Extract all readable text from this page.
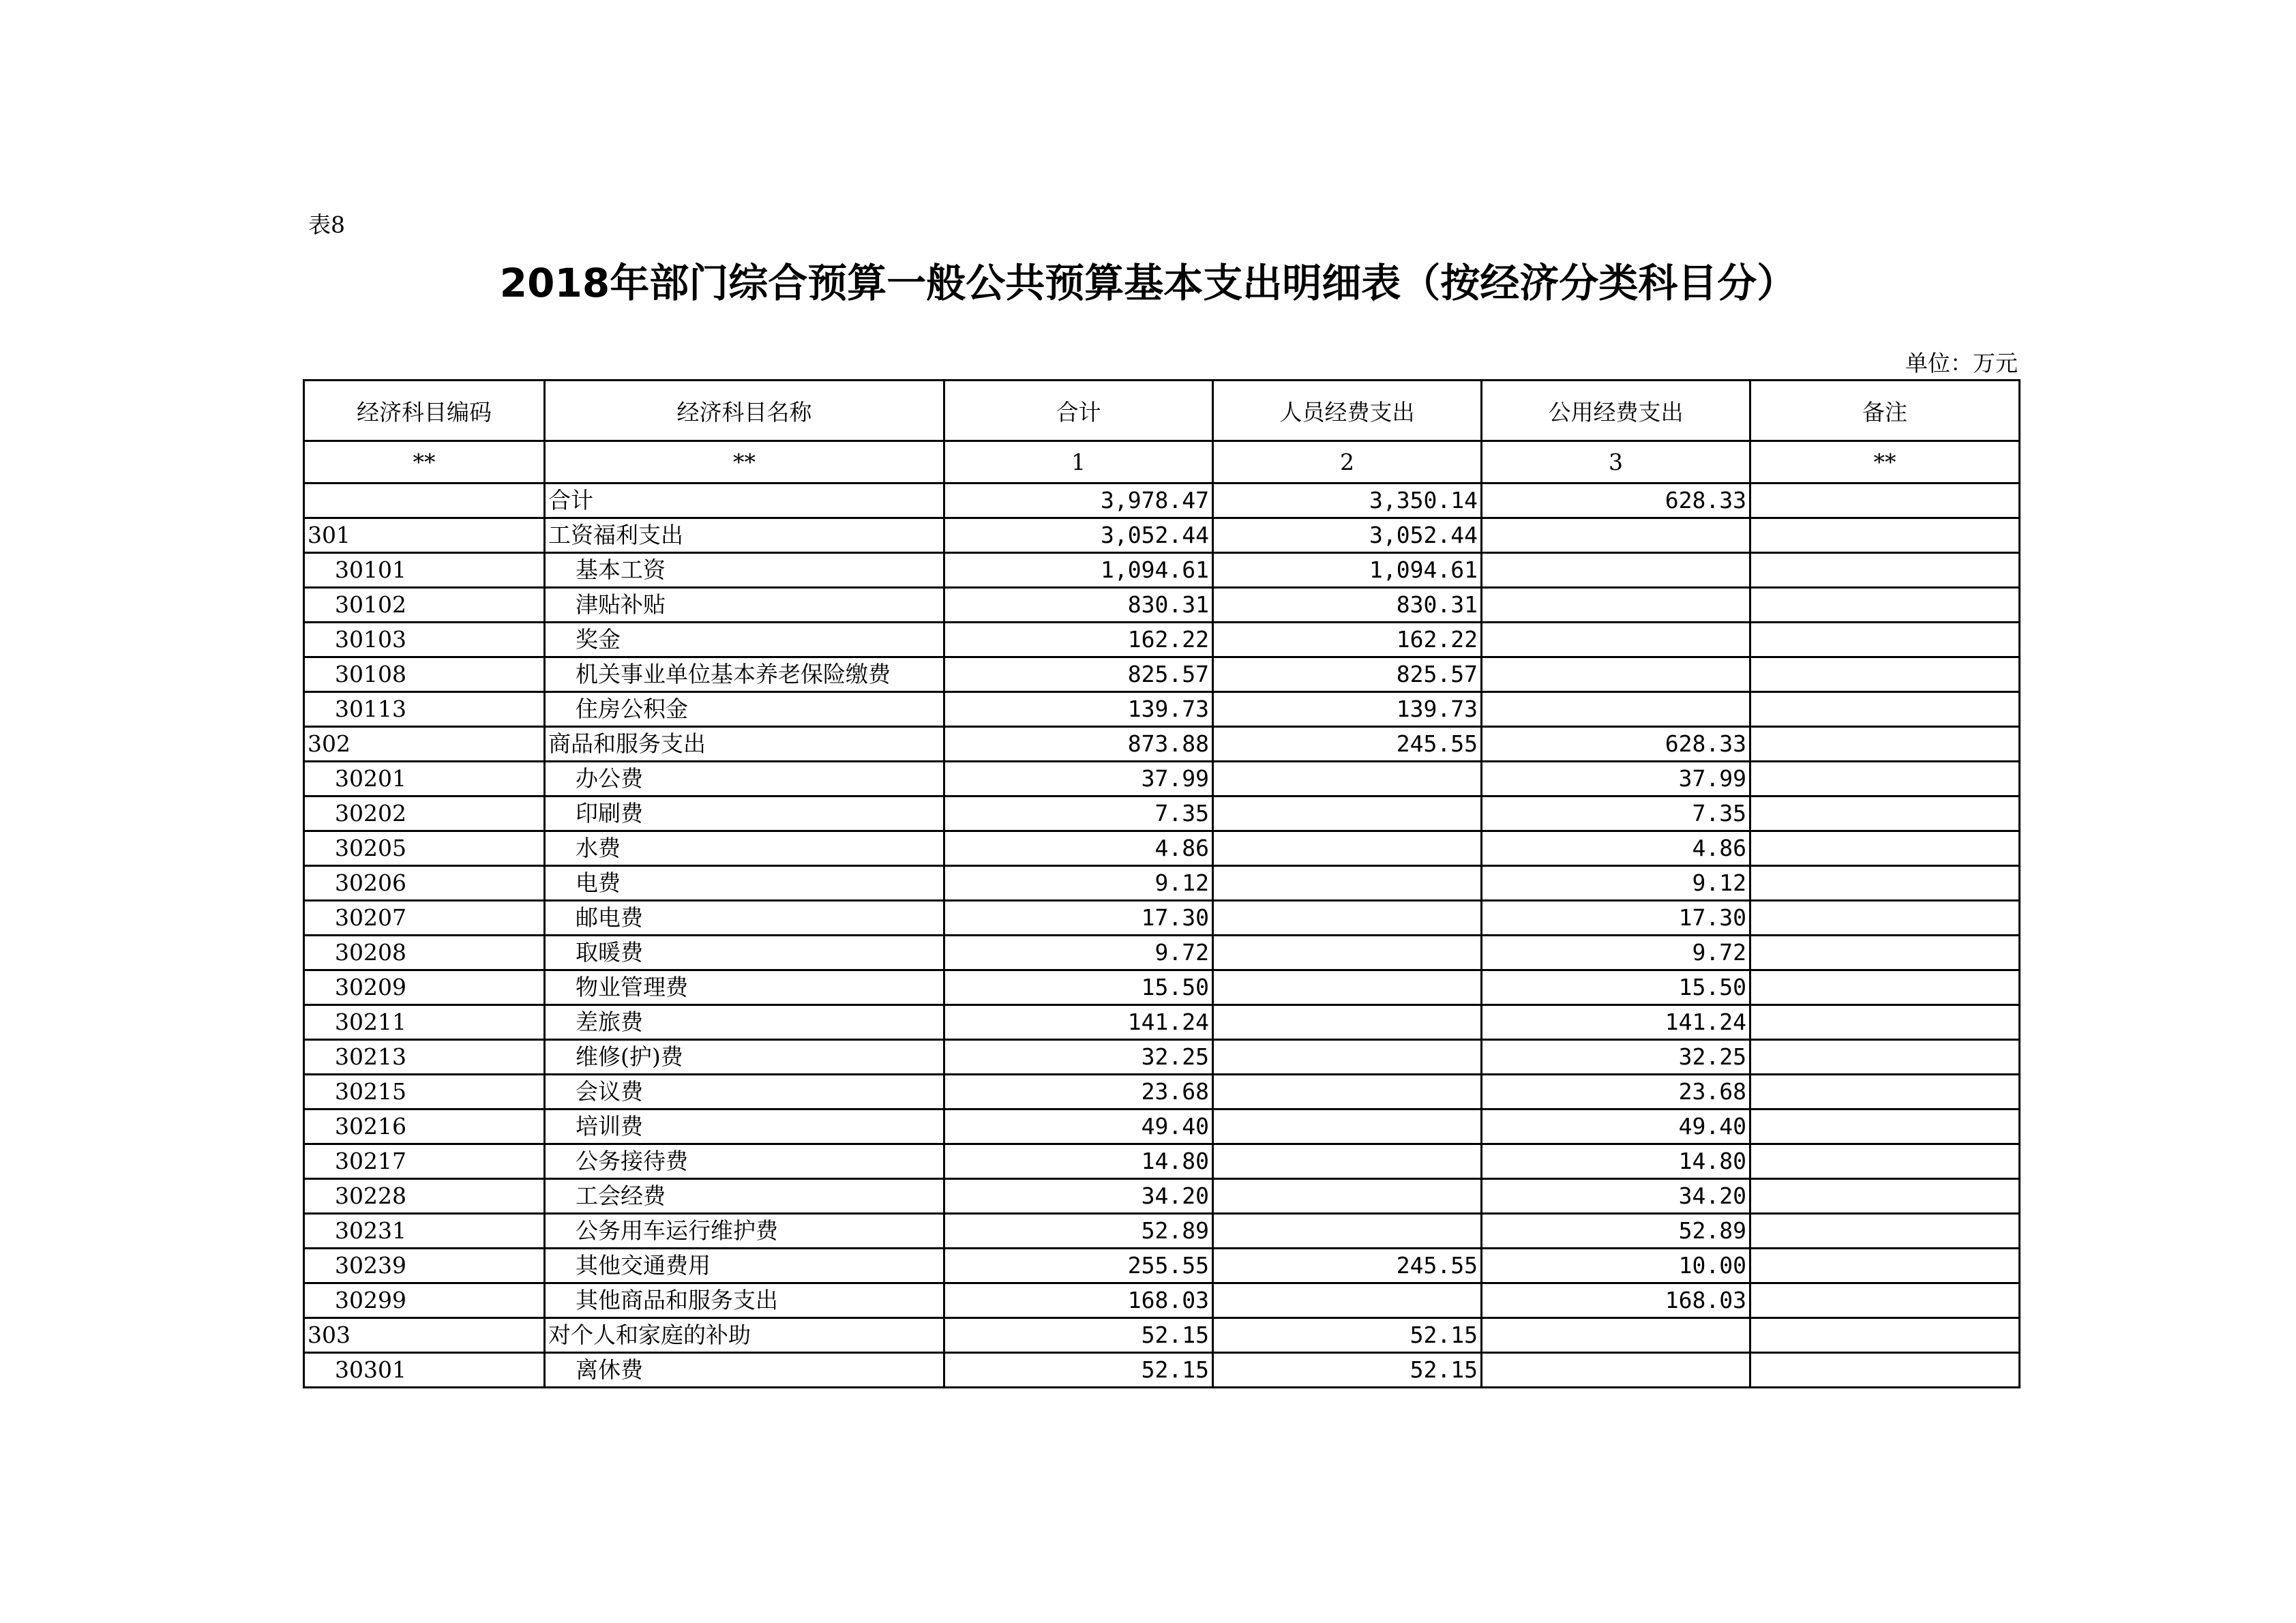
表8
2018年部门综合预算一般公共预算基本支出明细表（按经济分类科目分）
单位：万元
经济科目编码	经济科目名称	合计	人员经费支出	公用经费支出	备注
**	**	1	2	3	**
	合计	3,978.47	3,350.14	628.33	
301	工资福利支出	3,052.44	3,052.44		
30101	基本工资	1,094.61	1,094.61		
30102	津贴补贴	830.31	830.31		
30103	奖金	162.22	162.22		
30108	机关事业单位基本养老保险缴费	825.57	825.57		
30113	住房公积金	139.73	139.73		
302	商品和服务支出	873.88	245.55	628.33	
30201	办公费	37.99		37.99	
30202	印刷费	7.35		7.35	
30205	水费	4.86		4.86	
30206	电费	9.12		9.12	
30207	邮电费	17.30		17.30	
30208	取暖费	9.72		9.72	
30209	物业管理费	15.50		15.50	
30211	差旅费	141.24		141.24	
30213	维修(护)费	32.25		32.25	
30215	会议费	23.68		23.68	
30216	培训费	49.40		49.40	
30217	公务接待费	14.80		14.80	
30228	工会经费	34.20		34.20	
30231	公务用车运行维护费	52.89		52.89	
30239	其他交通费用	255.55	245.55	10.00	
30299	其他商品和服务支出	168.03		168.03	
303	对个人和家庭的补助	52.15	52.15		
30301	离休费	52.15	52.15		
